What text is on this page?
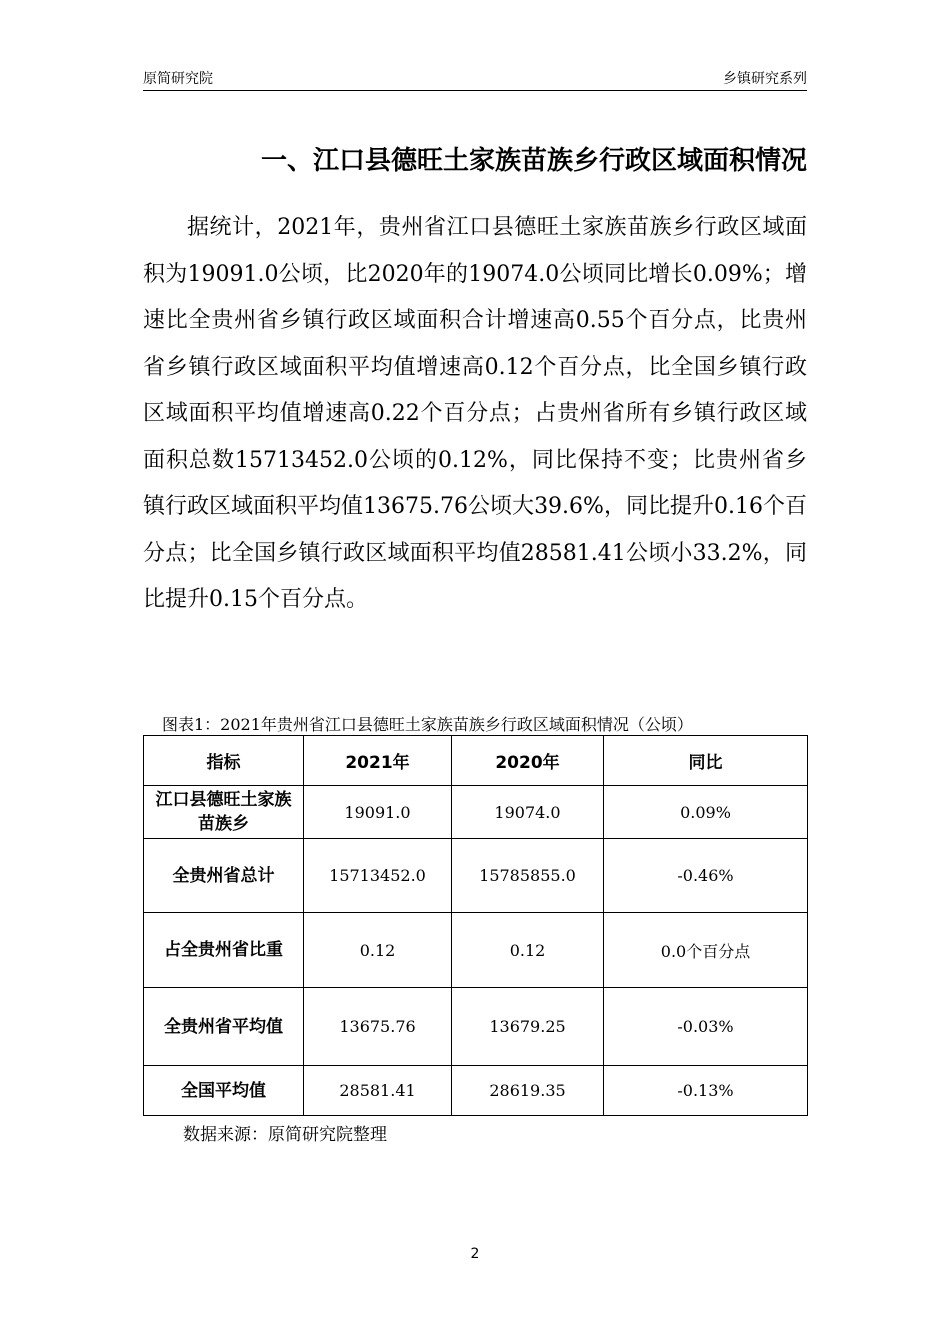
原简研究院	乡镇研究系列
一、江口县德旺土家族苗族乡行政区域面积情况

据统计，2021年，贵州省江口县德旺土家族苗族乡行政区域面积为19091.0公顷，比2020年的19074.0公顷同比增长0.09%；增速比全贵州省乡镇行政区域面积合计增速高0.55个百分点，比贵州省乡镇行政区域面积平均值增速高0.12个百分点，比全国乡镇行政区域面积平均值增速高0.22个百分点；占贵州省所有乡镇行政区域面积总数15713452.0公顷的0.12%，同比保持不变；比贵州省乡镇行政区域面积平均值13675.76公顷大39.6%，同比提升0.16个百分点；比全国乡镇行政区域面积平均值28581.41公顷小33.2%，同比提升0.15个百分点。

图表1：2021年贵州省江口县德旺土家族苗族乡行政区域面积情况（公顷）
指标	2021年	2020年	同比
江口县德旺土家族苗族乡	19091.0	19074.0	0.09%
全贵州省总计	15713452.0	15785855.0	-0.46%
占全贵州省比重	0.12	0.12	0.0个百分点
全贵州省平均值	13675.76	13679.25	-0.03%
全国平均值	28581.41	28619.35	-0.13%
数据来源：原简研究院整理
2
